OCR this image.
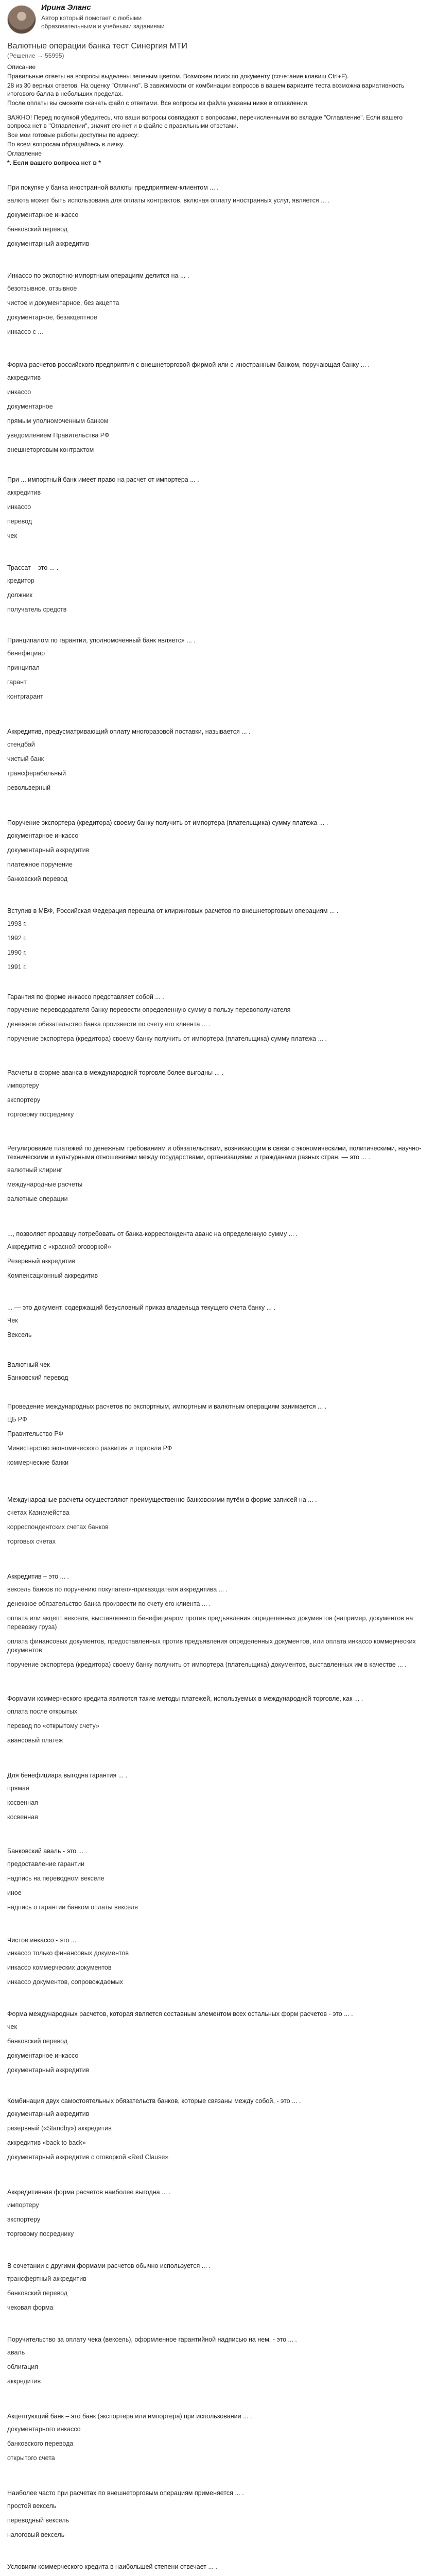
Ирина Эланс
Автор который помогает с любыми образовательными и учебными заданиями
Валютные операции банка тест Синергия МТИ
(Решение → 55995)

Описание

Правильные ответы на вопросы выделены зеленым цветом. Возможен поиск по документу (сочетание клавиш Ctrl+F).

28 из 30 верных ответов. На оценку "Отлично". В зависимости от комбинации вопросов в вашем варианте теста возможна вариативность итогового балла в небольших пределах.

После оплаты вы сможете скачать файл с ответами. Все вопросы из файла указаны ниже в оглавлении.

ВАЖНО! Перед покупкой убедитесь, что ваши вопросы совпадают с вопросами, перечисленными во вкладке "Оглавление". Если вашего вопроса нет в "Оглавлении", значит его нет и в файле с правильными ответами.

Все мои готовые работы доступны по адресу:

По всем вопросам обращайтесь в личку.

Оглавление

*. Если вашего вопроса нет в *

При покупке у банка иностранной валюты предприятием-клиентом ... .
валюта может быть использована для оплаты контрактов, включая оплату иностранных услуг, является ... .
документарное инкассо
банковский перевод
документарный аккредитив
Инкассо по экспортно-импортным операциям делится на ... .
безотзывное, отзывное
чистое и документарное, без акцепта
документарное, безакцептное
инкассо с ...
Форма расчетов российского предприятия с внешнеторговой фирмой или с иностранным банком, поручающая банку ... .
аккредитив
инкассо
документарное
прямым уполномоченным банком
уведомлением Правительства РФ
внешнеторговым контрактом
При ... импортный банк имеет право на расчет от импортера ... .
аккредитив
инкассо
перевод
чек
Трассат – это ... .
кредитор
должник
получатель средств
Принципалом по гарантии, уполномоченный банк является ... .
бенефициар
принципал
гарант
контргарант
Аккредитив, предусматривающий оплату многоразовой поставки, называется ... .
стендбай
чистый банк
трансферабельный
револьверный
Поручение экспортера (кредитора) своему банку получить от импортера (плательщика) сумму платежа ... .
документарное инкассо
документарный аккредитив
платежное поручение
банковский перевод
Вступив в МВФ, Российская Федерация перешла от клиринговых расчетов по внешнеторговым операциям ... .
1993 г.
1992 г.
1990 г.
1991 г.
Гарантия по форме инкассо представляет собой ... .
поручение перевододателя банку перевести определенную сумму в пользу перевополучателя
денежное обязательство банка произвести по счету его клиента ... .
поручение экспортера (кредитора) своему банку получить от импортера (плательщика) сумму платежа ... .
Расчеты в форме аванса в международной торговле более выгодны ... .
импортеру
экспортеру
торговому посреднику
Регулирование платежей по денежным требованиям и обязательствам, возникающим в связи с экономическими, политическими, научно-техническими и культурными отношениями между государствами, организациями и гражданами разных стран, — это ... .
валютный клиринг
международные расчеты
валютные операции
..., позволяет продавцу потребовать от банка-корреспондента аванс на определенную сумму ... .
Аккредитив с «красной оговоркой»
Резервный аккредитив
Компенсационный аккредитив
... — это документ, содержащий безусловный приказ владельца текущего счета банку ... .
Чек
Вексель
Валютный чек
Банковский перевод
Проведение международных расчетов по экспортным, импортным и валютным операциям занимается ... .
ЦБ РФ
Правительство РФ
Министерство экономического развития и торговли РФ
коммерческие банки
Международные расчеты осуществляют преимущественно банковскими путём в форме записей на ... .
счетах Казначейства
корреспондентских счетах банков
торговых счетах
Аккредитив – это ... .
вексель банков по поручению покупателя-приказодателя аккредитива ... .
денежное обязательство банка произвести по счету его клиента ... .
оплата или акцепт векселя, выставленного бенефициаром против предъявления определенных документов (например, документов на перевозку груза)
оплата финансовых документов, предоставленных против предъявления определенных документов, или оплата инкассо коммерческих документов
поручение экспортера (кредитора) своему банку получить от импортера (плательщика) документов, выставленных им в качестве ... .
Формами коммерческого кредита являются такие методы платежей, используемых в международной торговле, как ... .
оплата после открытых
перевод по «открытому счету»
авансовый платеж
Для бенефициара выгодна гарантия ... .
прямая
косвенная
косвенная
Банковский аваль - это ... .
предоставление гарантии
надпись на переводном векселе
иное
надпись о гарантии банком оплаты векселя
Чистое инкассо - это ... .
инкассо только финансовых документов
инкассо коммерческих документов
инкассо документов, сопровождаемых
Форма международных расчетов, которая является составным элементом всех остальных форм расчетов - это ... .
чек
банковский перевод
документарное инкассо
документарный аккредитив
Комбинация двух самостоятельных обязательств банков, которые связаны между собой, - это ... .
документарный аккредитив
резервный («Standby») аккредитив
аккредитив «back to back»
документарный аккредитив с оговоркой «Red Clause»
Аккредитивная форма расчетов наиболее выгодна ... .
импортеру
экспортеру
торговому посреднику
В сочетании с другими формами расчетов обычно используется ... .
трансфертный аккредитив
банковский перевод
чековая форма
Поручительство за оплату чека (вексель), оформленное гарантийной надписью на нем, - это ... .
аваль
облигация
аккредитив
Акцептующий банк – это банк (экспортера или импортера) при использовании ... .
документарного инкассо
банковского перевода
открытого счета
Наиболее часто при расчетах по внешнеторговым операциям применяется ... .
простой вексель
переводный вексель
налоговый вексель
Условиям коммерческого кредита в наибольшей степени отвечает ... .
